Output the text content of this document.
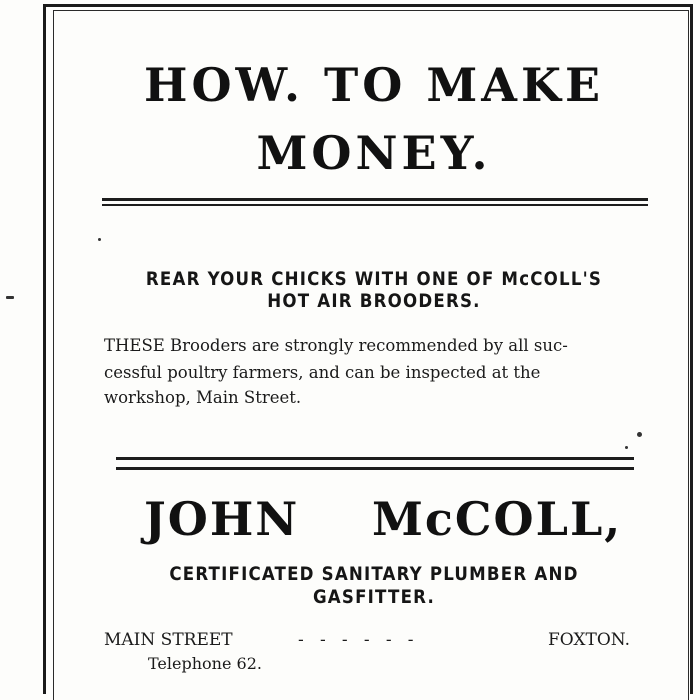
HOW. TO MAKE
MONEY.
REAR YOUR CHICKS WITH ONE OF McCOLL'S
HOT AIR BROODERS.
THESE Brooders are strongly recommended by all suc-
cessful poultry farmers, and can be inspected at the
workshop, Main Street.
JOHN McCOLL,
CERTIFICATED SANITARY PLUMBER AND
GASFITTER.
MAIN STREET	-   -   -   -   -   -	FOXTON.
Telephone 62.
